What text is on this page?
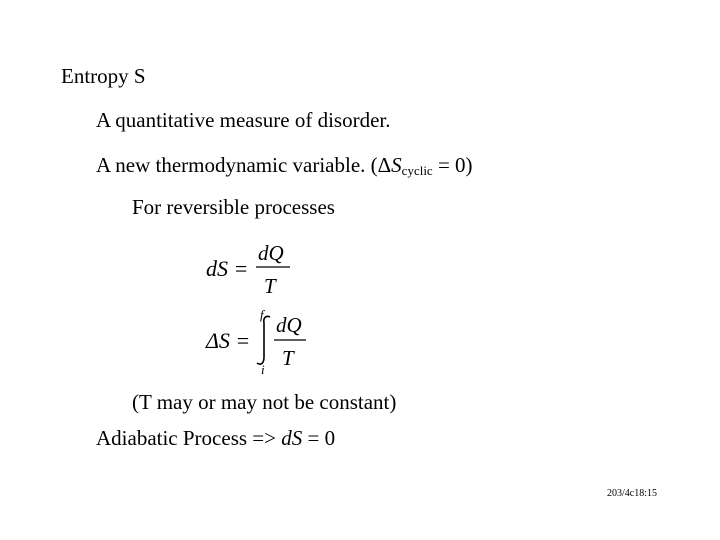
Entropy S
A quantitative measure of disorder.
A new thermodynamic variable. (ΔScyclic = 0)
For reversible processes
dS =
dQ
T
ΔS =
f
i
dQ
T
(T may or may not be constant)
Adiabatic Process => dS = 0
203/4c18:15
